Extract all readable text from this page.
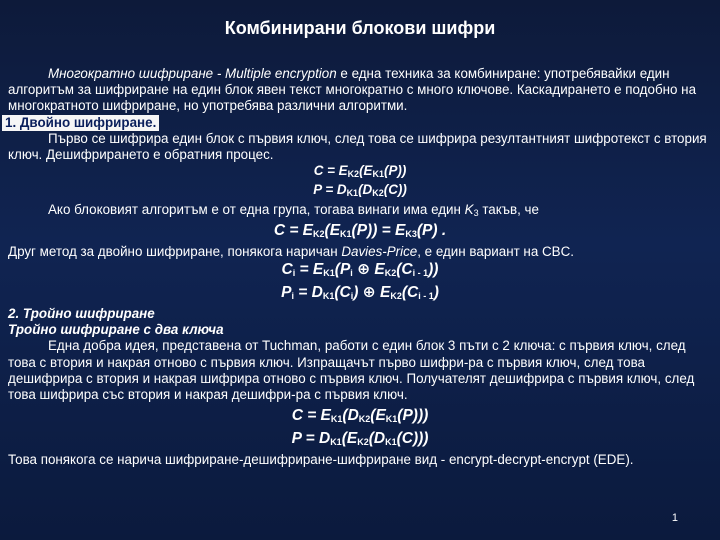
Комбинирани блокови шифри

Многократно шифриране - Multiple encryption е една техника за комбиниране: употребявайки един алгоритъм за шифриране на един блок явен текст многократно с много ключове. Каскадирането е подобно на многократното шифриране, но употребява различни алгоритми.

1. Двойно шифриране.

Първо се шифрира един блок с първия ключ, след това се шифрира резултантният шифротекст с втория ключ. Дешифрирането е обратния процес.

$C = E_{K2}(E_{K1}(P))$
$P = D_{K1}(D_{K2}(C))$

Ако блоковият алгоритъм е от една група, тогава винаги има един $K_3$ такъв, че

$C = E_{K2}(E_{K1}(P)) = E_{K3}(P)$ .

Друг метод за двойно шифриране, понякога наричан Davies-Price, е един вариант на CBC.

$C_i = E_{K1}(P_i$ ⊕ $E_{K2}(C_{i - 1})$)
$P_i = D_{K1}(C_i)$ ⊕ $E_{K2}(C_{i - 1})$
2. Тройно шифриране
Тройно шифриране с два ключа

Една добра идея, представена от Tuchman, работи с един блок 3 пъти с 2 ключа: с първия ключ, след това с втория и накрая отново с първия ключ. Изпращачът първо шифри-ра с първия ключ, след това дешифрира с втория и накрая шифрира отново с първия ключ. Получателят дешифрира с първия ключ, след това шифрира със втория и накрая дешифри-ра с първия ключ.

$C = E_{K1}(D_{K2}(E_{K1}(P)))$
$P = D_{K1}(E_{K2}(D_{K1}(C)))$

Това понякога се нарича шифриране-дешифриране-шифриране вид - encrypt-decrypt-encrypt (EDE).

1
